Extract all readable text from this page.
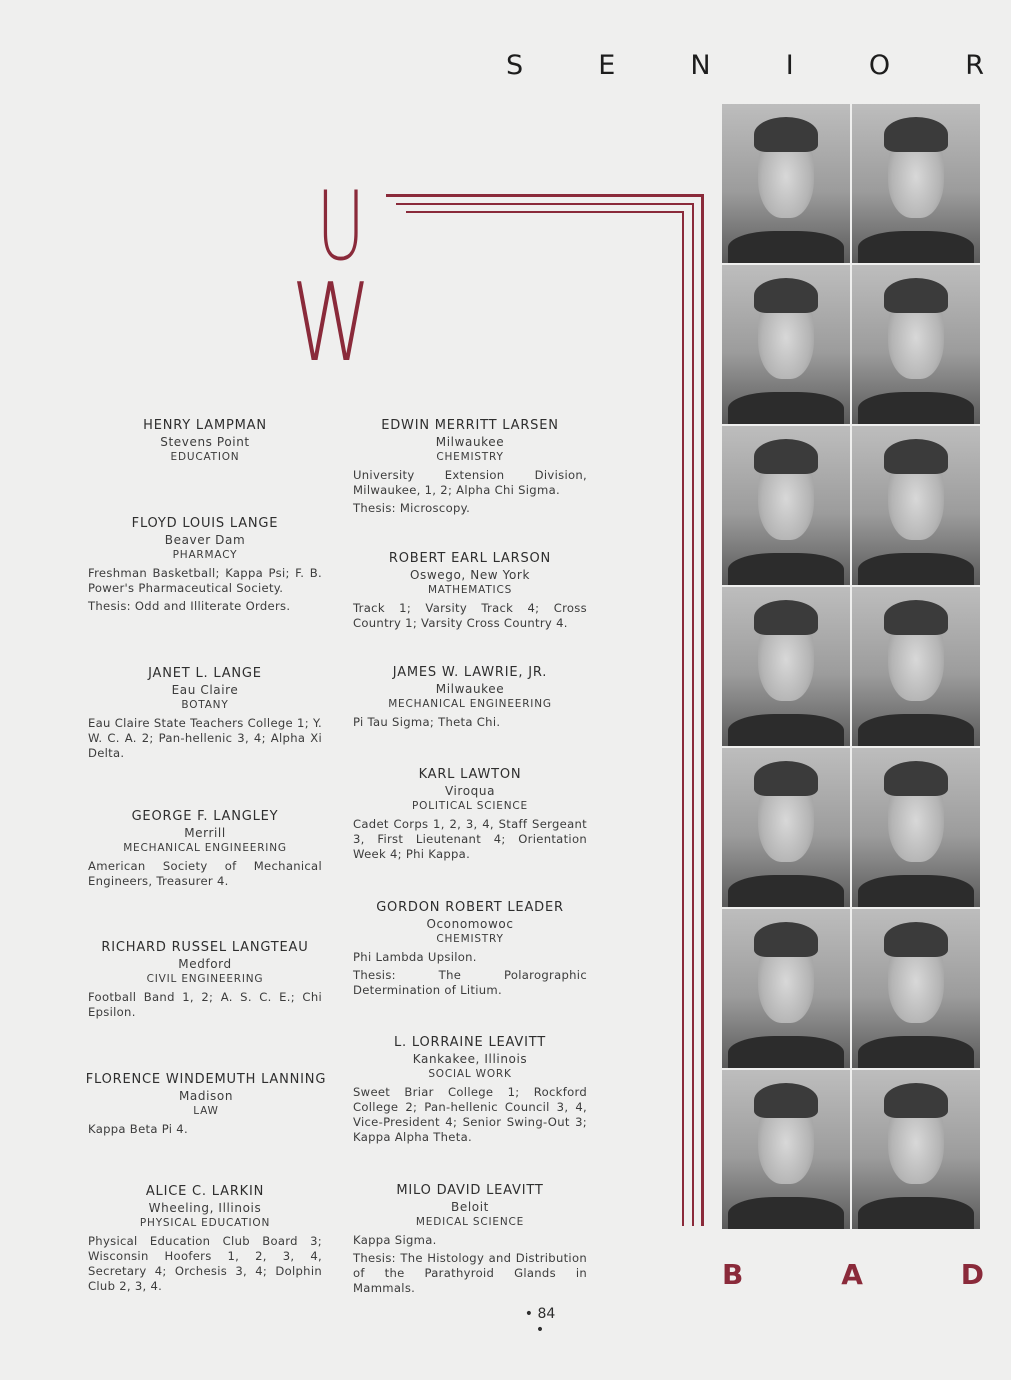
S	E	N	I	O	R
U
W
HENRY LAMPMAN
Stevens Point
EDUCATION
FLOYD LOUIS LANGE
Beaver Dam
PHARMACY
Freshman Basketball; Kappa Psi; F. B. Power's Pharmaceutical Society.
Thesis: Odd and Illiterate Orders.
JANET L. LANGE
Eau Claire
BOTANY
Eau Claire State Teachers College 1; Y. W. C. A. 2; Pan-hellenic 3, 4; Alpha Xi Delta.
GEORGE F. LANGLEY
Merrill
MECHANICAL ENGINEERING
American Society of Mechanical Engineers, Treasurer 4.
RICHARD RUSSEL LANGTEAU
Medford
CIVIL ENGINEERING
Football Band 1, 2; A. S. C. E.; Chi Epsilon.
FLORENCE WINDEMUTH LANNING
Madison
LAW
Kappa Beta Pi 4.
ALICE C. LARKIN
Wheeling, Illinois
PHYSICAL EDUCATION
Physical Education Club Board 3; Wisconsin Hoofers 1, 2, 3, 4, Secretary 4; Orchesis 3, 4; Dolphin Club 2, 3, 4.
EDWIN MERRITT LARSEN
Milwaukee
CHEMISTRY
University Extension Division, Milwaukee, 1, 2; Alpha Chi Sigma.
Thesis: Microscopy.
ROBERT EARL LARSON
Oswego, New York
MATHEMATICS
Track 1; Varsity Track 4; Cross Country 1; Varsity Cross Country 4.
JAMES W. LAWRIE, JR.
Milwaukee
MECHANICAL ENGINEERING
Pi Tau Sigma; Theta Chi.
KARL LAWTON
Viroqua
POLITICAL SCIENCE
Cadet Corps 1, 2, 3, 4, Staff Sergeant 3, First Lieutenant 4; Orientation Week 4; Phi Kappa.
GORDON ROBERT LEADER
Oconomowoc
CHEMISTRY
Phi Lambda Upsilon.
Thesis: The Polarographic Determination of Litium.
L. LORRAINE LEAVITT
Kankakee, Illinois
SOCIAL WORK
Sweet Briar College 1; Rockford College 2; Pan-hellenic Council 3, 4, Vice-President 4; Senior Swing-Out 3; Kappa Alpha Theta.
MILO DAVID LEAVITT
Beloit
MEDICAL SCIENCE
Kappa Sigma.
Thesis: The Histology and Distribution of the Parathyroid Glands in Mammals.	B	A	D
• 84 •
